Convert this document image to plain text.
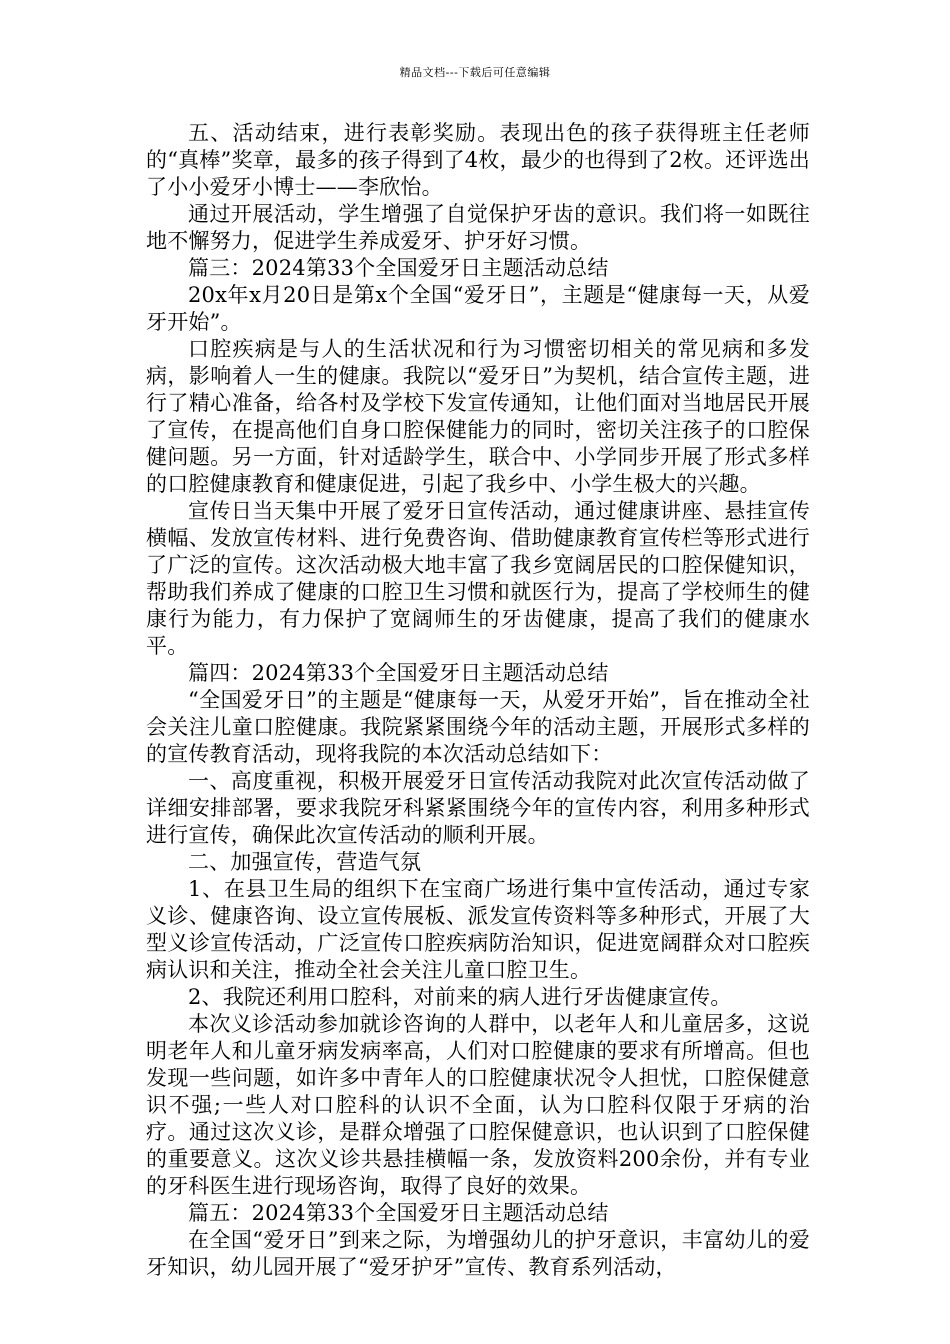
精品文档---下载后可任意编辑

五、活动结束，进行表彰奖励。表现出色的孩子获得班主任老师的“真棒”奖章，最多的孩子得到了4枚，最少的也得到了2枚。还评选出了小小爱牙小博士——李欣怡。

通过开展活动，学生增强了自觉保护牙齿的意识。我们将一如既往地不懈努力，促进学生养成爱牙、护牙好习惯。

篇三：2024第33个全国爱牙日主题活动总结

20x年x月20日是第x个全国“爱牙日”，主题是“健康每一天，从爱牙开始”。

口腔疾病是与人的生活状况和行为习惯密切相关的常见病和多发病，影响着人一生的健康。我院以“爱牙日”为契机，结合宣传主题，进行了精心准备，给各村及学校下发宣传通知，让他们面对当地居民开展了宣传，在提高他们自身口腔保健能力的同时，密切关注孩子的口腔保健问题。另一方面，针对适龄学生，联合中、小学同步开展了形式多样的口腔健康教育和健康促进，引起了我乡中、小学生极大的兴趣。

宣传日当天集中开展了爱牙日宣传活动，通过健康讲座、悬挂宣传横幅、发放宣传材料、进行免费咨询、借助健康教育宣传栏等形式进行了广泛的宣传。这次活动极大地丰富了我乡宽阔居民的口腔保健知识，帮助我们养成了健康的口腔卫生习惯和就医行为，提高了学校师生的健康行为能力，有力保护了宽阔师生的牙齿健康，提高了我们的健康水平。

篇四：2024第33个全国爱牙日主题活动总结

“全国爱牙日”的主题是“健康每一天，从爱牙开始”，旨在推动全社会关注儿童口腔健康。我院紧紧围绕今年的活动主题，开展形式多样的的宣传教育活动，现将我院的本次活动总结如下：

一、高度重视，积极开展爱牙日宣传活动我院对此次宣传活动做了详细安排部署，要求我院牙科紧紧围绕今年的宣传内容，利用多种形式进行宣传，确保此次宣传活动的顺利开展。

二、加强宣传，营造气氛

1、在县卫生局的组织下在宝商广场进行集中宣传活动，通过专家义诊、健康咨询、设立宣传展板、派发宣传资料等多种形式，开展了大型义诊宣传活动，广泛宣传口腔疾病防治知识，促进宽阔群众对口腔疾病认识和关注，推动全社会关注儿童口腔卫生。

2、我院还利用口腔科，对前来的病人进行牙齿健康宣传。

本次义诊活动参加就诊咨询的人群中，以老年人和儿童居多，这说明老年人和儿童牙病发病率高，人们对口腔健康的要求有所增高。但也发现一些问题，如许多中青年人的口腔健康状况令人担忧，口腔保健意识不强;一些人对口腔科的认识不全面，认为口腔科仅限于牙病的治疗。通过这次义诊，是群众增强了口腔保健意识，也认识到了口腔保健的重要意义。这次义诊共悬挂横幅一条，发放资料200余份，并有专业的牙科医生进行现场咨询，取得了良好的效果。

篇五：2024第33个全国爱牙日主题活动总结

在全国“爱牙日”到来之际，为增强幼儿的护牙意识，丰富幼儿的爱牙知识，幼儿园开展了“爱牙护牙”宣传、教育系列活动，
